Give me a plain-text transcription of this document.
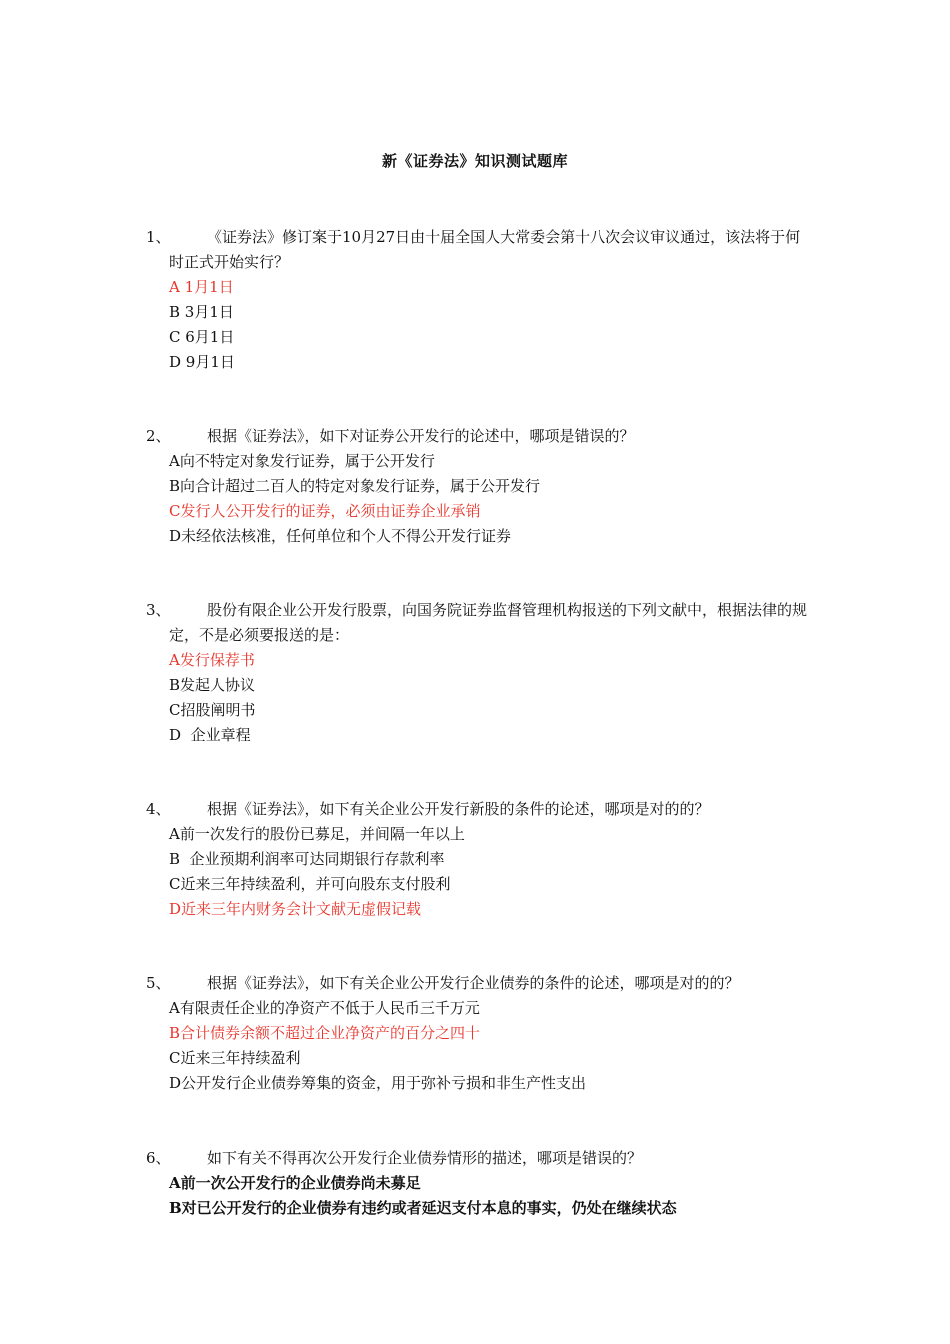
新《证券法》知识测试题库
1、	《证券法》修订案于10月27日由十届全国人大常委会第十八次会议审议通过，该法将于何时正式开始实行？
A 1月1日
B 3月1日
C 6月1日
D 9月1日
2、	根据《证券法》，如下对证券公开发行的论述中，哪项是错误的？
A向不特定对象发行证券，属于公开发行
B向合计超过二百人的特定对象发行证券，属于公开发行
C发行人公开发行的证券，必须由证券企业承销
D未经依法核准，任何单位和个人不得公开发行证券
3、	股份有限企业公开发行股票，向国务院证券监督管理机构报送的下列文献中，根据法律的规定，不是必须要报送的是：
A发行保荐书
B发起人协议
C招股阐明书
D  企业章程
4、	根据《证券法》，如下有关企业公开发行新股的条件的论述，哪项是对的的？
A前一次发行的股份已募足，并间隔一年以上
B  企业预期利润率可达同期银行存款利率
C近来三年持续盈利，并可向股东支付股利
D近来三年内财务会计文献无虚假记载
5、	根据《证券法》，如下有关企业公开发行企业债券的条件的论述，哪项是对的的？
A有限责任企业的净资产不低于人民币三千万元
B合计债券余额不超过企业净资产的百分之四十
C近来三年持续盈利
D公开发行企业债券筹集的资金，用于弥补亏损和非生产性支出
6、	如下有关不得再次公开发行企业债券情形的描述，哪项是错误的？
A前一次公开发行的企业债券尚未募足
B对已公开发行的企业债券有违约或者延迟支付本息的事实，仍处在继续状态
